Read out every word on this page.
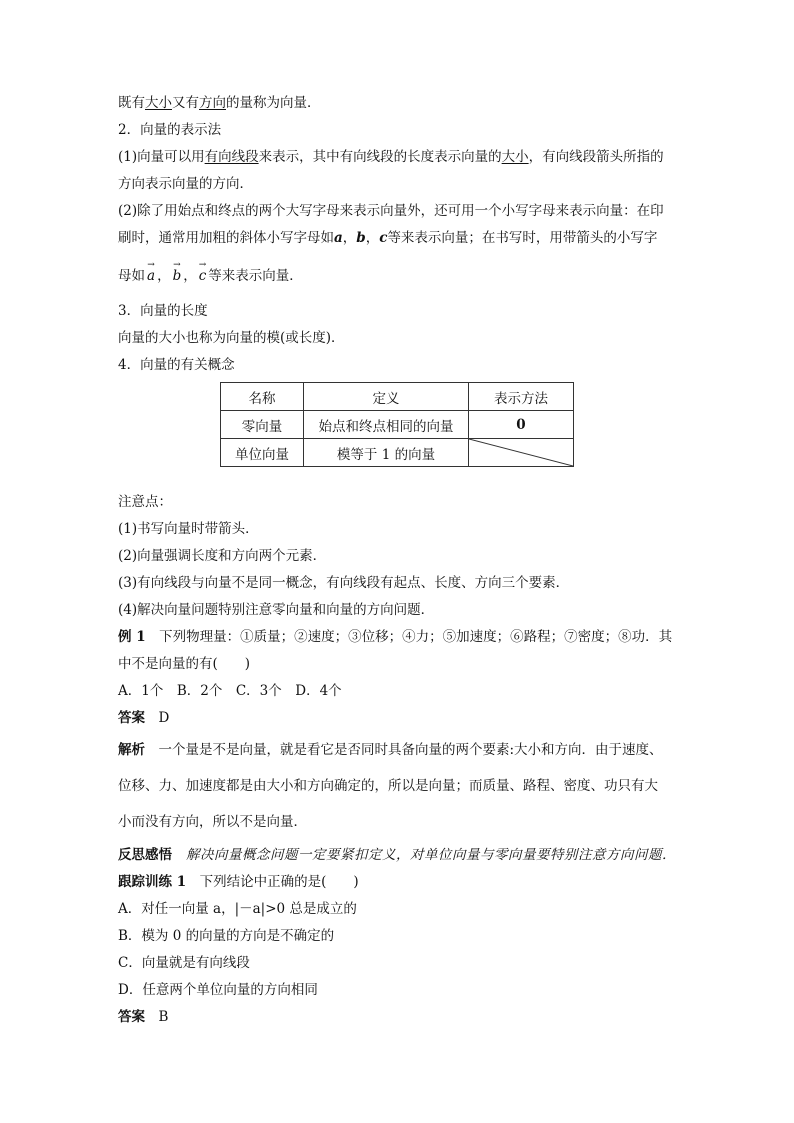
既有大小又有方向的量称为向量．
2．向量的表示法
(1)向量可以用有向线段来表示，其中有向线段的长度表示向量的大小，有向线段箭头所指的
方向表示向量的方向．
(2)除了用始点和终点的两个大写字母来表示向量外，还可用一个小写字母来表示向量：在印
刷时，通常用加粗的斜体小写字母如a，b，c等来表示向量；在书写时，用带箭头的小写字
母如 → a ， → b ， → c 等来表示向量．
3．向量的长度
向量的大小也称为向量的模(或长度)．
4．向量的有关概念
名称	定义	表示方法
零向量	始点和终点相同的向量	0
单位向量	模等于 1 的向量	
注意点：
(1)书写向量时带箭头．
(2)向量强调长度和方向两个元素．
(3)有向线段与向量不是同一概念，有向线段有起点、长度、方向三个要素．
(4)解决向量问题特别注意零向量和向量的方向问题．
例 1　下列物理量：①质量；②速度；③位移；④力；⑤加速度；⑥路程；⑦密度；⑧功．其
中不是向量的有(　　)
A．1个　B．2个　C．3个　D．4个
答案　 D
解析　一个量是不是向量，就是看它是否同时具备向量的两个要素:大小和方向．由于速度、
位移、力、加速度都是由大小和方向确定的，所以是向量；而质量、路程、密度、功只有大
小而没有方向，所以不是向量．
反思感悟　解决向量概念问题一定要紧扣定义，对单位向量与零向量要特别注意方向问题．
跟踪训练 1　下列结论中正确的是(　　)
A．对任一向量 a，|－a|>0 总是成立的
B．模为 0 的向量的方向是不确定的
C．向量就是有向线段
D．任意两个单位向量的方向相同
答案　 B
